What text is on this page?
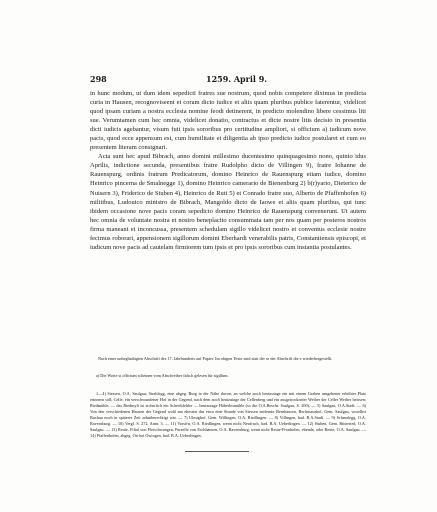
298	1259. April 9.

in hunc modum, ut dum idem sepedicti fratres sue nostrum, quod nobis competere diximus in predicta curia in Hausen, recognoviseent et coram dicto iudice et aliis quam pluribus publice faterentur, videlicet quod ipsam curiam a nostra ecclesia nomine feodi detinerent, in predicto molendino libere cessimus liti sue. Verumtamen cum hec omnia, videlicet donatio, contractus et dicte nostre litis decisio in presentia dicti iudicis agebantur, visum fuit ipsis sororibus pro certitudine ampliori, si officium a) iudicum nove pacis, quod ecce appensum est, cum humilitate et diligentia ab ipso predicto iudice postularet et cum eo presentem literam consignari.

Acta sunt hec apud Bibrach, anno domini millesimo ducentesimo quinquagesimo nono, quinto idus Aprilis, indictione secunda, presentibus fratre Rudolpho dicto de Villingen 9), fratre Iohanne de Rauenspurg, ordinis fratrum Predicatorum, domino Heinrico de Rauenspurg etiam iudice, domino Heinrico pincerna de Smalnegge 1), domino Heinrico camerario de Bienenburg 2) b(r)yario, Dieterico de Nuisern 3), Friderico de Stuben 4), Heinrico de Ruti 5) et Conrado fratre suo, Alberto de Pfaffenhofen 6) militibus, Ludouico ministro de Bibrach, Mangoldo dicto de Iaowe et aliis quam pluribus, qui tunc ibidem occasione nove pacis coram sepedicto domino Heinrico de Rauenspurg convenerunt. Ut autem hec omnia de voluntate nostra et nostro beneplacito consummata tam per nos quam per posteros nostros firma maneant et inconcussa, presentem schedulam sigillo videlicet nostro et conventus ecclesie nostre fecimus roborari, appensionem sigillorum domini Eberhardi venerabilis patris, Constantiensis episcopi, et iudicum nove pacis ad cautelam firmiorem tum ipsis et pro ipsis sororibus cum instantia postulantes.

Nach einer unbeglaubigten Abschrift des 17. Jahrhunderts auf Papier. Im obigen Texte sind statt der se der Abschrift die e wiederhergestellt.

a) Die Worte si officium scheinen vom Abschreiber falsch gelesen für sigillum.

1—4) Siessen, O.A. Saulgau; Strahlegg, eine abgeg. Burg in der Nähe davon, an welche noch heutzutage ein mit einem Graben umgebener erhöhter Platz erinnern soll; Celle, ein verschwundener Hof in der Gegend, nach dem noch heutzutage der Cellenberg und ein ausgetrockneter Weiher der Celler Weiher heissen; Riedmühle, — das Riedmyli ist sicherlich ein Schreibfehler — heutzutage Häberlesmühle (so die O.A.Beschr. Saulgau, S. 200). — 5) Saulgau, O.A.Stadt. — 6) Von den verschiedenen Hausen der Gegend wohl am ehesten das etwa eine Stunde von Siessen entfernte Bernhausen, Berlinsaurhof, Gem. Saulgau, woselbst Buchau noch in späterer Zeit zehntberechtigt war. — 7) Ulmighof, Gem. Willingen, O.A. Riedlingen. — 8) Villingen, bad. B.A.Stadt. — 9) Schmalegg, O.A. Ravensburg. — 10) Vergl. S. 272, Anm. 3. — 11) Vorsfrn, O.A. Riedlingen, wenn nicht Neufrach, bad. B.A. Ueberlingen. — 12) Stuben, Gem. Bitterried, O.A. Saulgau. — 13) Reute, Filial von Fleischwangen, Parzelle von Eschhausen, O.A. Ravensburg, wenn nicht Reute-Fronhofen, ebenda, oder Reute, O.A. Saulgau. — 14) Pfaffenhofen, abgeg. Ort bei Owingen, bad. B.A. Ueberlingen.
